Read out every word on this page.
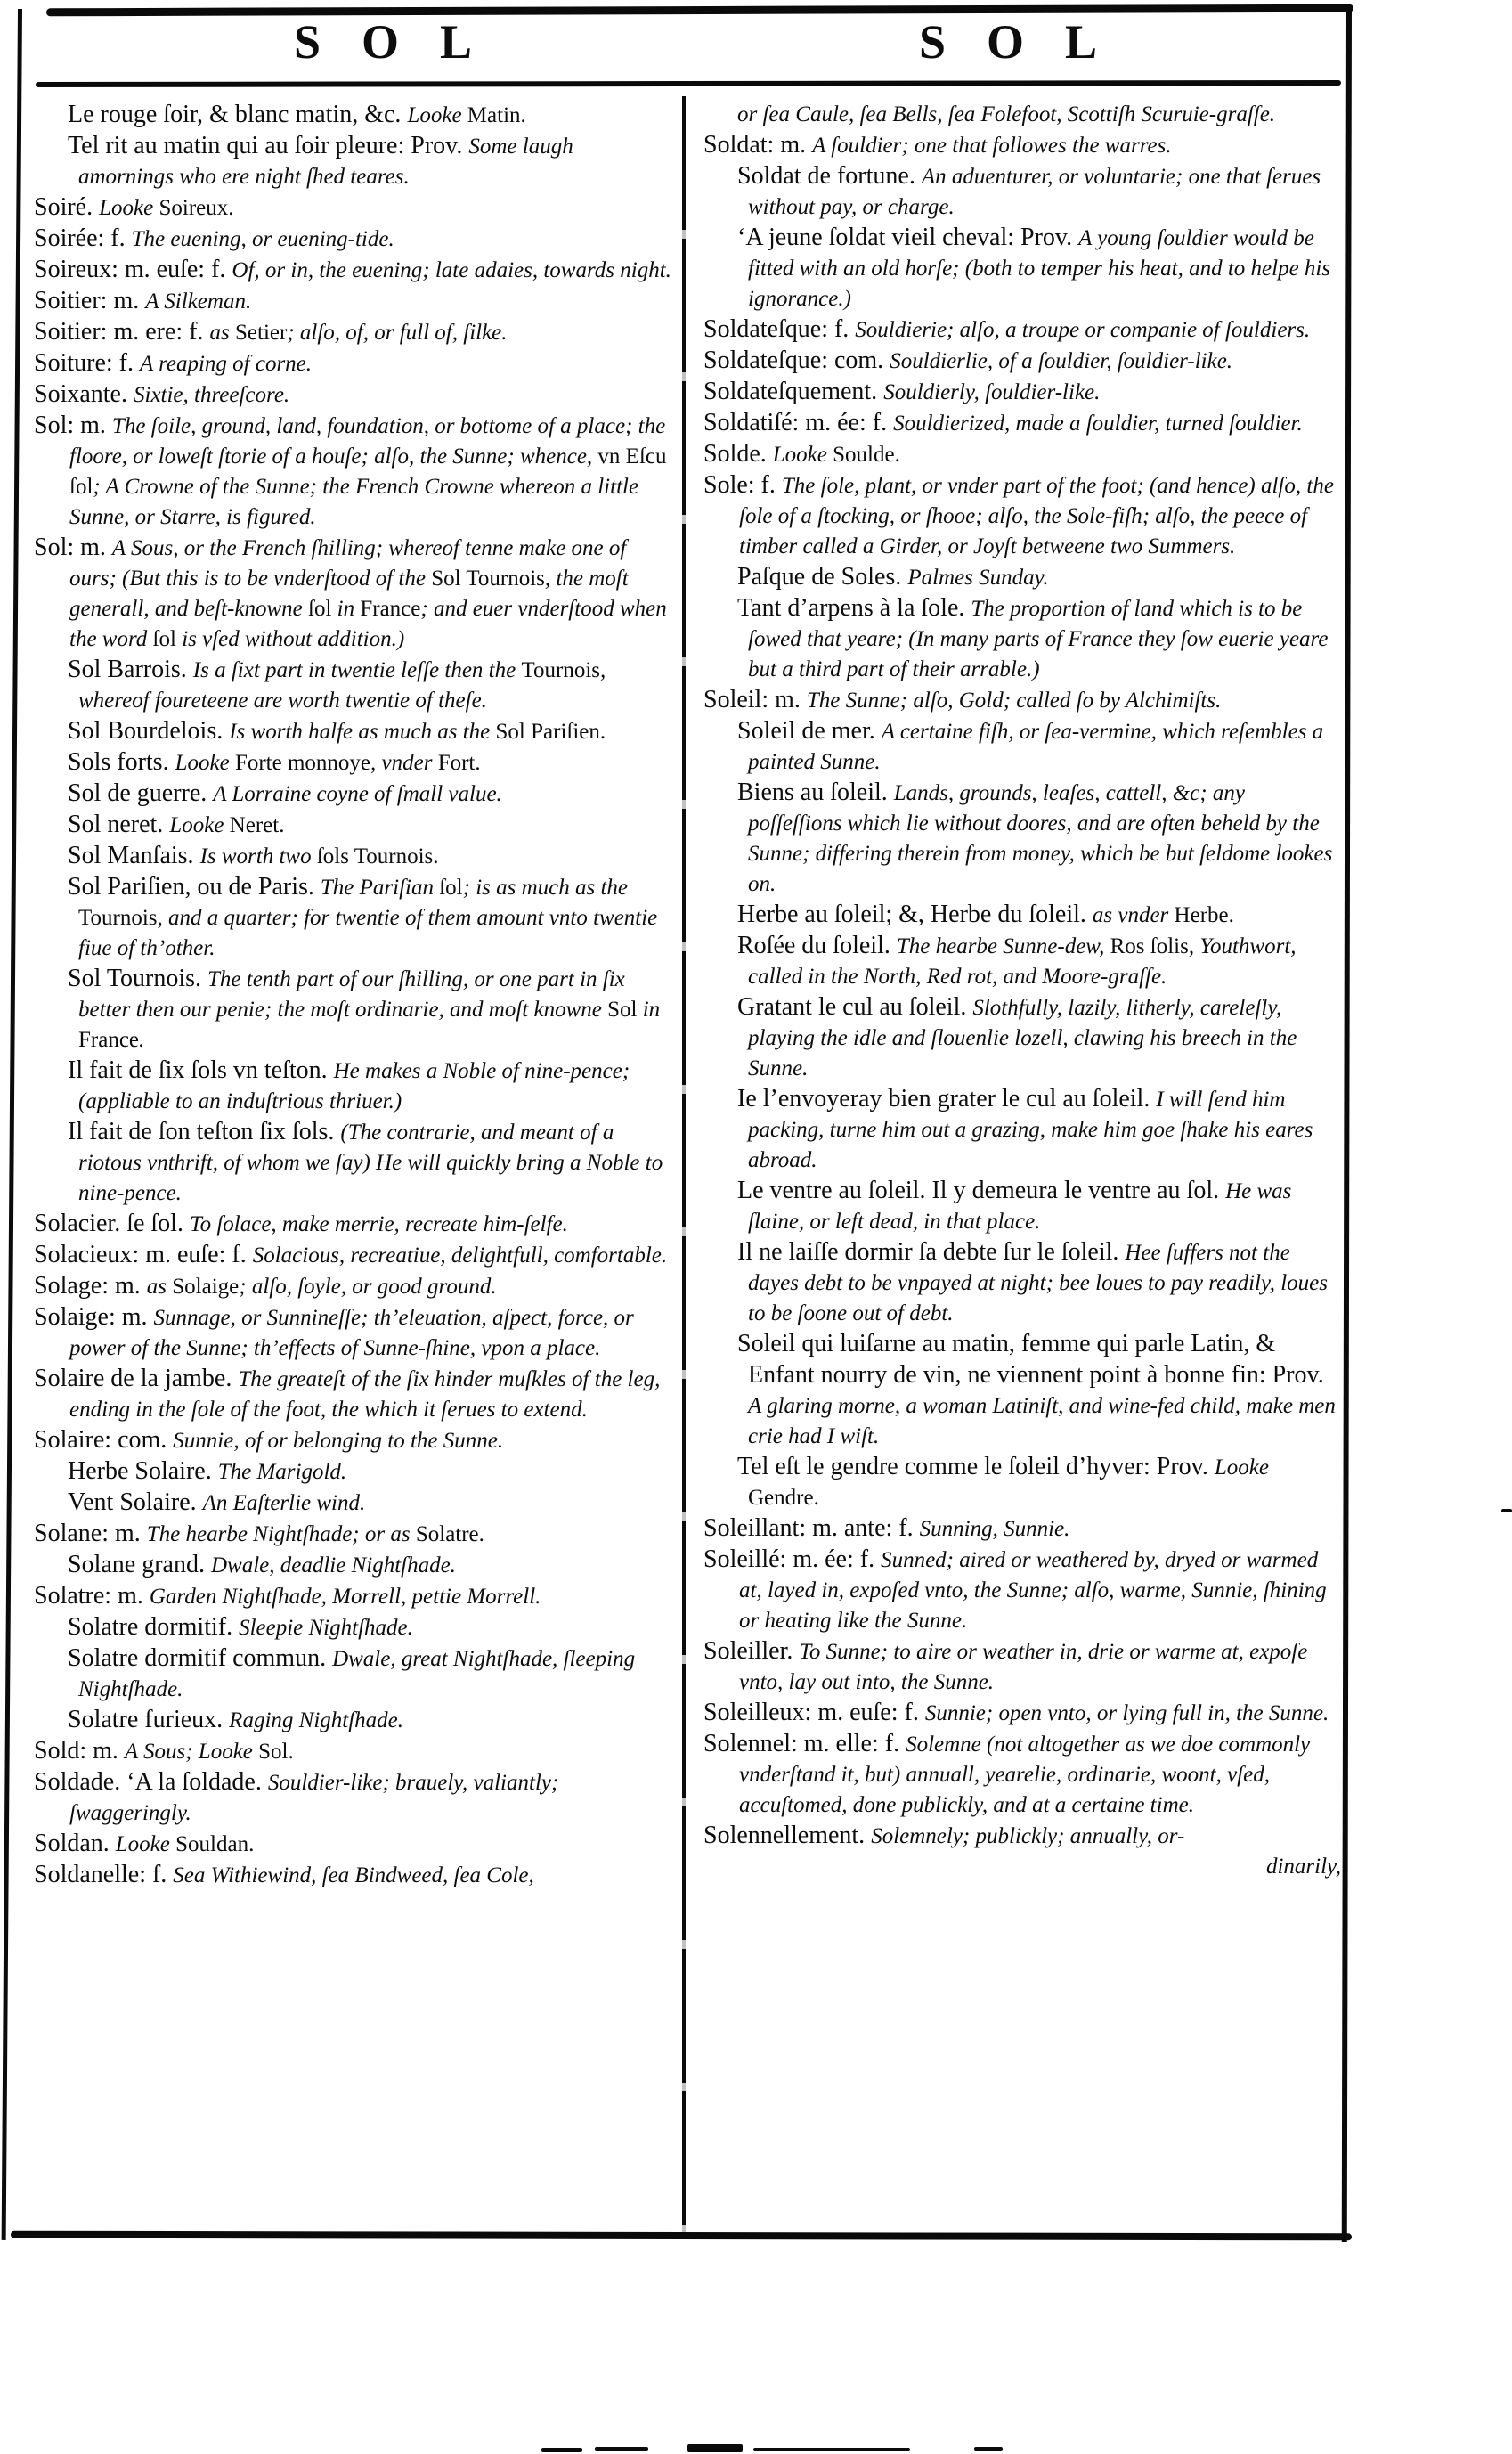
SOL	SOL

Le rouge ſoir, & blanc matin, &c. Looke Matin.

Tel rit au matin qui au ſoir pleure: Prov. Some laugh amornings who ere night ſhed teares.

Soiré. Looke Soireux.

Soirée: f. The euening, or euening-tide.

Soireux: m. euſe: f. Of, or in, the euening; late adaies, towards night.

Soitier: m. A Silkeman.

Soitier: m. ere: f. as Setier; alſo, of, or full of, ſilke.

Soiture: f. A reaping of corne.

Soixante. Sixtie, threeſcore.

Sol: m. The ſoile, ground, land, foundation, or bottome of a place; the floore, or loweſt ſtorie of a houſe; alſo, the Sunne; whence, vn Eſcu ſol; A Crowne of the Sunne; the French Crowne whereon a little Sunne, or Starre, is figured.

Sol: m. A Sous, or the French ſhilling; whereof tenne make one of ours; (But this is to be vnderſtood of the Sol Tournois, the moſt generall, and beſt-knowne ſol in France; and euer vnderſtood when the word ſol is vſed without addition.)

Sol Barrois. Is a ſixt part in twentie leſſe then the Tournois, whereof foureteene are worth twentie of theſe.

Sol Bourdelois. Is worth halfe as much as the Sol Pariſien.

Sols forts. Looke Forte monnoye, vnder Fort.

Sol de guerre. A Lorraine coyne of ſmall value.

Sol neret. Looke Neret.

Sol Manſais. Is worth two ſols Tournois.

Sol Pariſien, ou de Paris. The Pariſian ſol; is as much as the Tournois, and a quarter; for twentie of them amount vnto twentie fiue of th’other.

Sol Tournois. The tenth part of our ſhilling, or one part in ſix better then our penie; the moſt ordinarie, and moſt knowne Sol in France.

Il fait de ſix ſols vn teſton. He makes a Noble of nine-pence; (appliable to an induſtrious thriuer.)

Il fait de ſon teſton ſix ſols. (The contrarie, and meant of a riotous vnthrift, of whom we ſay) He will quickly bring a Noble to nine-pence.

Solacier. ſe ſol. To ſolace, make merrie, recreate him-ſelfe.

Solacieux: m. euſe: f. Solacious, recreatiue, delightfull, comfortable.

Solage: m. as Solaige; alſo, ſoyle, or good ground.

Solaige: m. Sunnage, or Sunnineſſe; th’eleuation, aſpect, force, or power of the Sunne; th’effects of Sunne-ſhine, vpon a place.

Solaire de la jambe. The greateſt of the ſix hinder muſkles of the leg, ending in the ſole of the foot, the which it ſerues to extend.

Solaire: com. Sunnie, of or belonging to the Sunne.

Herbe Solaire. The Marigold.

Vent Solaire. An Eaſterlie wind.

Solane: m. The hearbe Nightſhade; or as Solatre.

Solane grand. Dwale, deadlie Nightſhade.

Solatre: m. Garden Nightſhade, Morrell, pettie Morrell.

Solatre dormitif. Sleepie Nightſhade.

Solatre dormitif commun. Dwale, great Nightſhade, ſleeping Nightſhade.

Solatre furieux. Raging Nightſhade.

Sold: m. A Sous; Looke Sol.

Soldade. ‘A la ſoldade. Souldier-like; brauely, valiantly; ſwaggeringly.

Soldan. Looke Souldan.

Soldanelle: f. Sea Withiewind, ſea Bindweed, ſea Cole,

or ſea Caule, ſea Bells, ſea Folefoot, Scottiſh Scuruie-graſſe.

Soldat: m. A ſouldier; one that followes the warres.

Soldat de fortune. An aduenturer, or voluntarie; one that ſerues without pay, or charge.

‘A jeune ſoldat vieil cheval: Prov. A young ſouldier would be fitted with an old horſe; (both to temper his heat, and to helpe his ignorance.)

Soldateſque: f. Souldierie; alſo, a troupe or companie of ſouldiers.

Soldateſque: com. Souldierlie, of a ſouldier, ſouldier-like.

Soldateſquement. Souldierly, ſouldier-like.

Soldatiſé: m. ée: f. Souldierized, made a ſouldier, turned ſouldier.

Solde. Looke Soulde.

Sole: f. The ſole, plant, or vnder part of the foot; (and hence) alſo, the ſole of a ſtocking, or ſhooe; alſo, the Sole-fiſh; alſo, the peece of timber called a Girder, or Joyſt betweene two Summers.

Paſque de Soles. Palmes Sunday.

Tant d’arpens à la ſole. The proportion of land which is to be ſowed that yeare; (In many parts of France they ſow euerie yeare but a third part of their arrable.)

Soleil: m. The Sunne; alſo, Gold; called ſo by Alchimiſts.

Soleil de mer. A certaine fiſh, or ſea-vermine, which reſembles a painted Sunne.

Biens au ſoleil. Lands, grounds, leaſes, cattell, &c; any poſſeſſions which lie without doores, and are often beheld by the Sunne; differing therein from money, which be but ſeldome lookes on.

Herbe au ſoleil; &, Herbe du ſoleil. as vnder Herbe.

Roſée du ſoleil. The hearbe Sunne-dew, Ros ſolis, Youthwort, called in the North, Red rot, and Moore-graſſe.

Gratant le cul au ſoleil. Slothfully, lazily, litherly, careleſly, playing the idle and ſlouenlie lozell, clawing his breech in the Sunne.

Ie l’envoyeray bien grater le cul au ſoleil. I will ſend him packing, turne him out a grazing, make him goe ſhake his eares abroad.

Le ventre au ſoleil. Il y demeura le ventre au ſol. He was ſlaine, or left dead, in that place.

Il ne laiſſe dormir ſa debte ſur le ſoleil. Hee ſuffers not the dayes debt to be vnpayed at night; bee loues to pay readily, loues to be ſoone out of debt.

Soleil qui luiſarne au matin, femme qui parle Latin, & Enfant nourry de vin, ne viennent point à bonne fin: Prov. A glaring morne, a woman Latiniſt, and wine-fed child, make men crie had I wiſt.

Tel eſt le gendre comme le ſoleil d’hyver: Prov. Looke Gendre.

Soleillant: m. ante: f. Sunning, Sunnie.

Soleillé: m. ée: f. Sunned; aired or weathered by, dryed or warmed at, layed in, expoſed vnto, the Sunne; alſo, warme, Sunnie, ſhining or heating like the Sunne.

Soleiller. To Sunne; to aire or weather in, drie or warme at, expoſe vnto, lay out into, the Sunne.

Soleilleux: m. euſe: f. Sunnie; open vnto, or lying full in, the Sunne.

Solennel: m. elle: f. Solemne (not altogether as we doe commonly vnderſtand it, but) annuall, yearelie, ordinarie, woont, vſed, accuſtomed, done publickly, and at a certaine time.

Solennellement. Solemnely; publickly; annually, or-

dinarily,
